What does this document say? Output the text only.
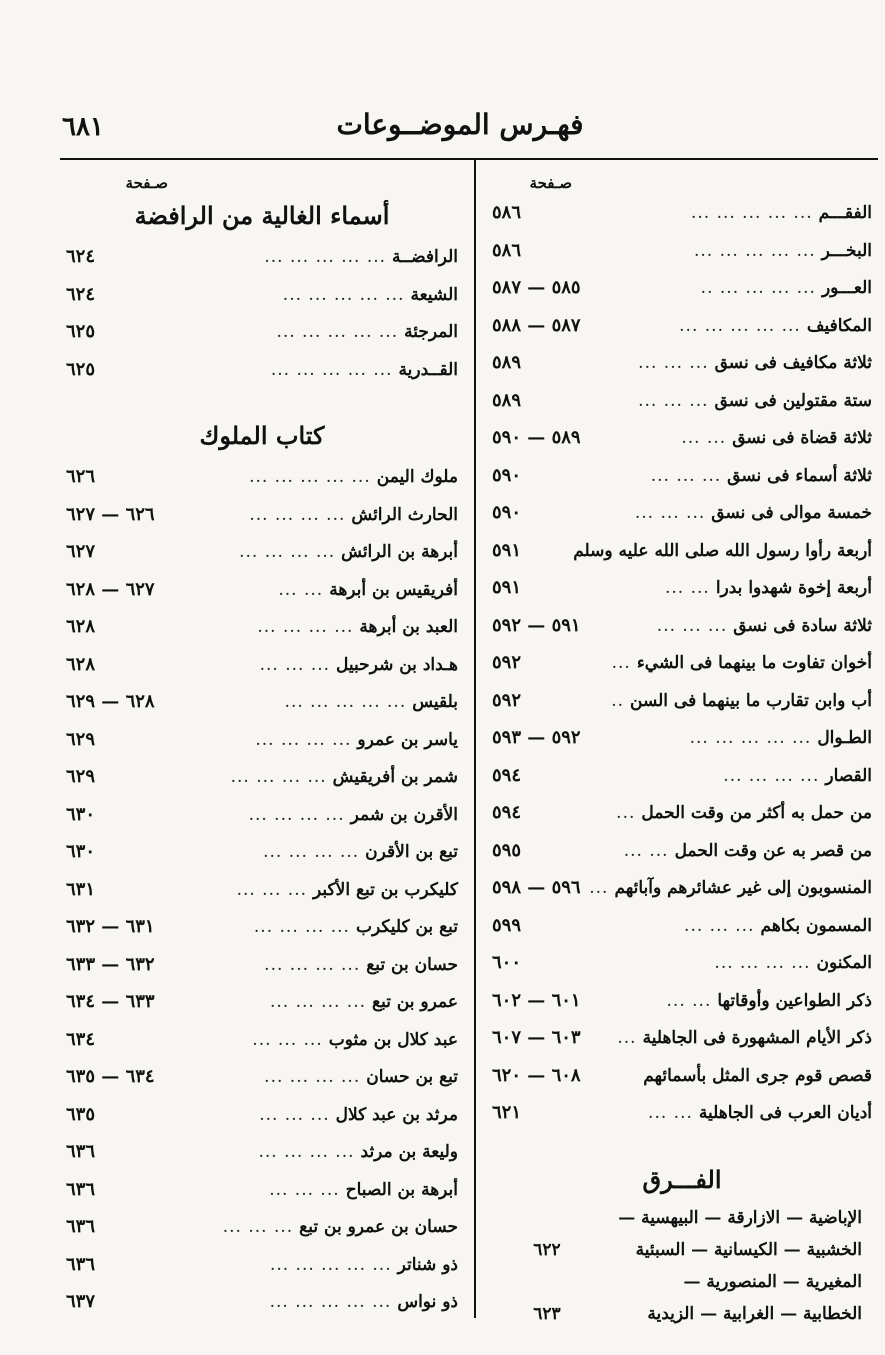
٦٨١	فهـرس الموضــوعات
صـفحة
الفقـــم
... ... ... ... ...
٥٨٦
البخـــر
... ... ... ... ...
٥٨٦
العـــور
... ... ... ... ..
٥٨٥ — ٥٨٧
المكافيف
... ... ... ... ...
٥٨٧ — ٥٨٨
ثلاثة مكافيف فى نسق
... ... ...
٥٨٩
ستة مقتولين فى نسق
... ... ...
٥٨٩
ثلاثة قضاة فى نسق
... ...
٥٨٩ — ٥٩٠
ثلاثة أسماء فى نسق
... ... ...
٥٩٠
خمسة موالى فى نسق
... ... ...
٥٩٠
أربعة رأوا رسول الله صلى الله عليه وسلم
٥٩١
أربعة إخوة شهدوا بدرا
... ...
٥٩١
ثلاثة سادة فى نسق
... ... ...
٥٩١ — ٥٩٢
أخوان تفاوت ما بينهما فى الشيء
...
٥٩٢
أب وابن تقارب ما بينهما فى السن
..
٥٩٢
الطـوال
... ... ... ... ...
٥٩٢ — ٥٩٣
القصار
... ... ... ...
٥٩٤
من حمل به أكثر من وقت الحمل
...
٥٩٤
من قصر به عن وقت الحمل
... ...
٥٩٥
المنسوبون إلى غير عشائرهم وآبائهم
...
٥٩٦ — ٥٩٨
المسمون بكاهم
... ... ...
٥٩٩
المكنون
... ... ... ...
٦٠٠
ذكر الطواعين وأوقاتها
... ...
٦٠١ — ٦٠٢
ذكر الأيام المشهورة فى الجاهلية
...
٦٠٣ — ٦٠٧
قصص قوم جرى المثل بأسمائهم
٦٠٨ — ٦٢٠
أديان العرب فى الجاهلية
... ...
٦٢١
الفـــرق
الإباضية — الازارقة — البيهسية —
الخشبية — الكيسانية — السبئية
٦٢٢
المغيرية — المنصورية —
الخطابية — الغرابية — الزيدية
٦٢٣
صـفحة
أسماء الغالية من الرافضة
الرافضــة
... ... ... ... ...
٦٢٤
الشيعة
... ... ... ... ...
٦٢٤
المرجئة
... ... ... ... ...
٦٢٥
القــدرية
... ... ... ... ...
٦٢٥
كتاب الملوك
ملوك اليمن
... ... ... ... ...
٦٢٦
الحارث الرائش
... ... ... ...
٦٢٦ — ٦٢٧
أبرهة بن الرائش
... ... ... ...
٦٢٧
أفريقيس بن أبرهة
... ...
٦٢٧ — ٦٢٨
العبد بن أبرهة
... ... ... ...
٦٢٨
هـداد بن شرحبيل
... ... ...
٦٢٨
بلقيس
... ... ... ... ...
٦٢٨ — ٦٢٩
ياسر بن عمرو
... ... ... ...
٦٢٩
شمر بن أفريقيش
... ... ... ...
٦٢٩
الأقرن بن شمر
... ... ... ...
٦٣٠
تبع بن الأقرن
... ... ... ...
٦٣٠
كليكرب بن تبع الأكبر
... ... ...
٦٣١
تبع بن كليكرب
... ... ... ...
٦٣١ — ٦٣٢
حسان بن تبع
... ... ... ...
٦٣٢ — ٦٣٣
عمرو بن تبع
... ... ... ...
٦٣٣ — ٦٣٤
عبد كلال بن مثوب
... ... ...
٦٣٤
تبع بن حسان
... ... ... ...
٦٣٤ — ٦٣٥
مرثد بن عبد كلال
... ... ...
٦٣٥
وليعة بن مرثد
... ... ... ...
٦٣٦
أبرهة بن الصباح
... ... ...
٦٣٦
حسان بن عمرو بن تبع
... ... ...
٦٣٦
ذو شناتر
... ... ... ... ...
٦٣٦
ذو نواس
... ... ... ... ...
٦٣٧
